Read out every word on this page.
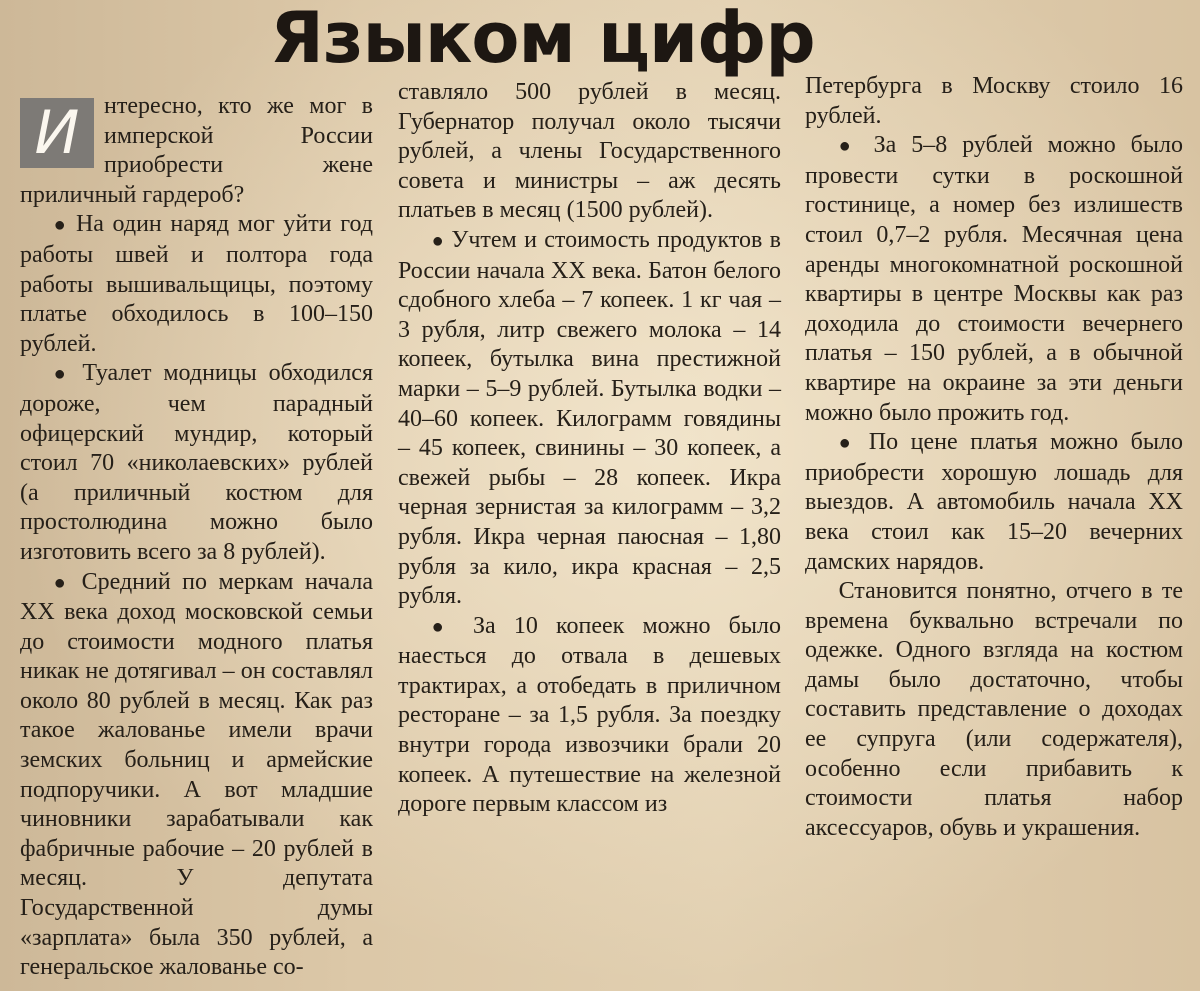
Языком цифр
И	нтересно, кто же мог в имперской России приобрести жене приличный гардероб?

● На один наряд мог уйти год работы швей и полтора года работы вышивальщицы, поэтому платье обходилось в 100–150 рублей.

● Туалет модницы обходился дороже, чем парадный офицерский мундир, который стоил 70 «николаевских» рублей (а приличный костюм для простолюдина можно было изготовить всего за 8 рублей).

● Средний по меркам начала XX века доход московской семьи до стоимости модного платья никак не дотягивал – он составлял около 80 рублей в месяц. Как раз такое жалованье имели врачи земских больниц и армейские подпоручики. А вот младшие чиновники зарабатывали как фабричные рабочие – 20 рублей в месяц. У депутата Государственной думы «зарплата» была 350 рублей, а генеральское жалованье со-

ставляло 500 рублей в месяц. Губернатор получал около тысячи рублей, а члены Государственного совета и министры – аж десять платьев в месяц (1500 рублей).

● Учтем и стоимость продуктов в России начала XX века. Батон белого сдобного хлеба – 7 копеек. 1 кг чая – 3 рубля, литр свежего молока – 14 копеек, бутылка вина престижной марки – 5–9 рублей. Бутылка водки – 40–60 копеек. Килограмм говядины – 45 копеек, свинины – 30 копеек, а свежей рыбы – 28 копеек. Икра черная зернистая за килограмм – 3,2 рубля. Икра черная паюсная – 1,80 рубля за кило, икра красная – 2,5 рубля.

● За 10 копеек можно было наесться до отвала в дешевых трактирах, а отобедать в приличном ресторане – за 1,5 рубля. За поездку внутри города извозчики брали 20 копеек. А путешествие на железной дороге первым классом из

Петербурга в Москву стоило 16 рублей.

● За 5–8 рублей можно было провести сутки в роскошной гостинице, а номер без излишеств стоил 0,7–2 рубля. Месячная цена аренды многокомнатной роскошной квартиры в центре Москвы как раз доходила до стоимости вечернего платья – 150 рублей, а в обычной квартире на окраине за эти деньги можно было прожить год.

● По цене платья можно было приобрести хорошую лошадь для выездов. А автомобиль начала XX века стоил как 15–20 вечерних дамских нарядов.

Становится понятно, отчего в те времена буквально встречали по одежке. Одного взгляда на костюм дамы было достаточно, чтобы составить представление о доходах ее супруга (или содержателя), особенно если прибавить к стоимости платья набор аксессуаров, обувь и украшения.
